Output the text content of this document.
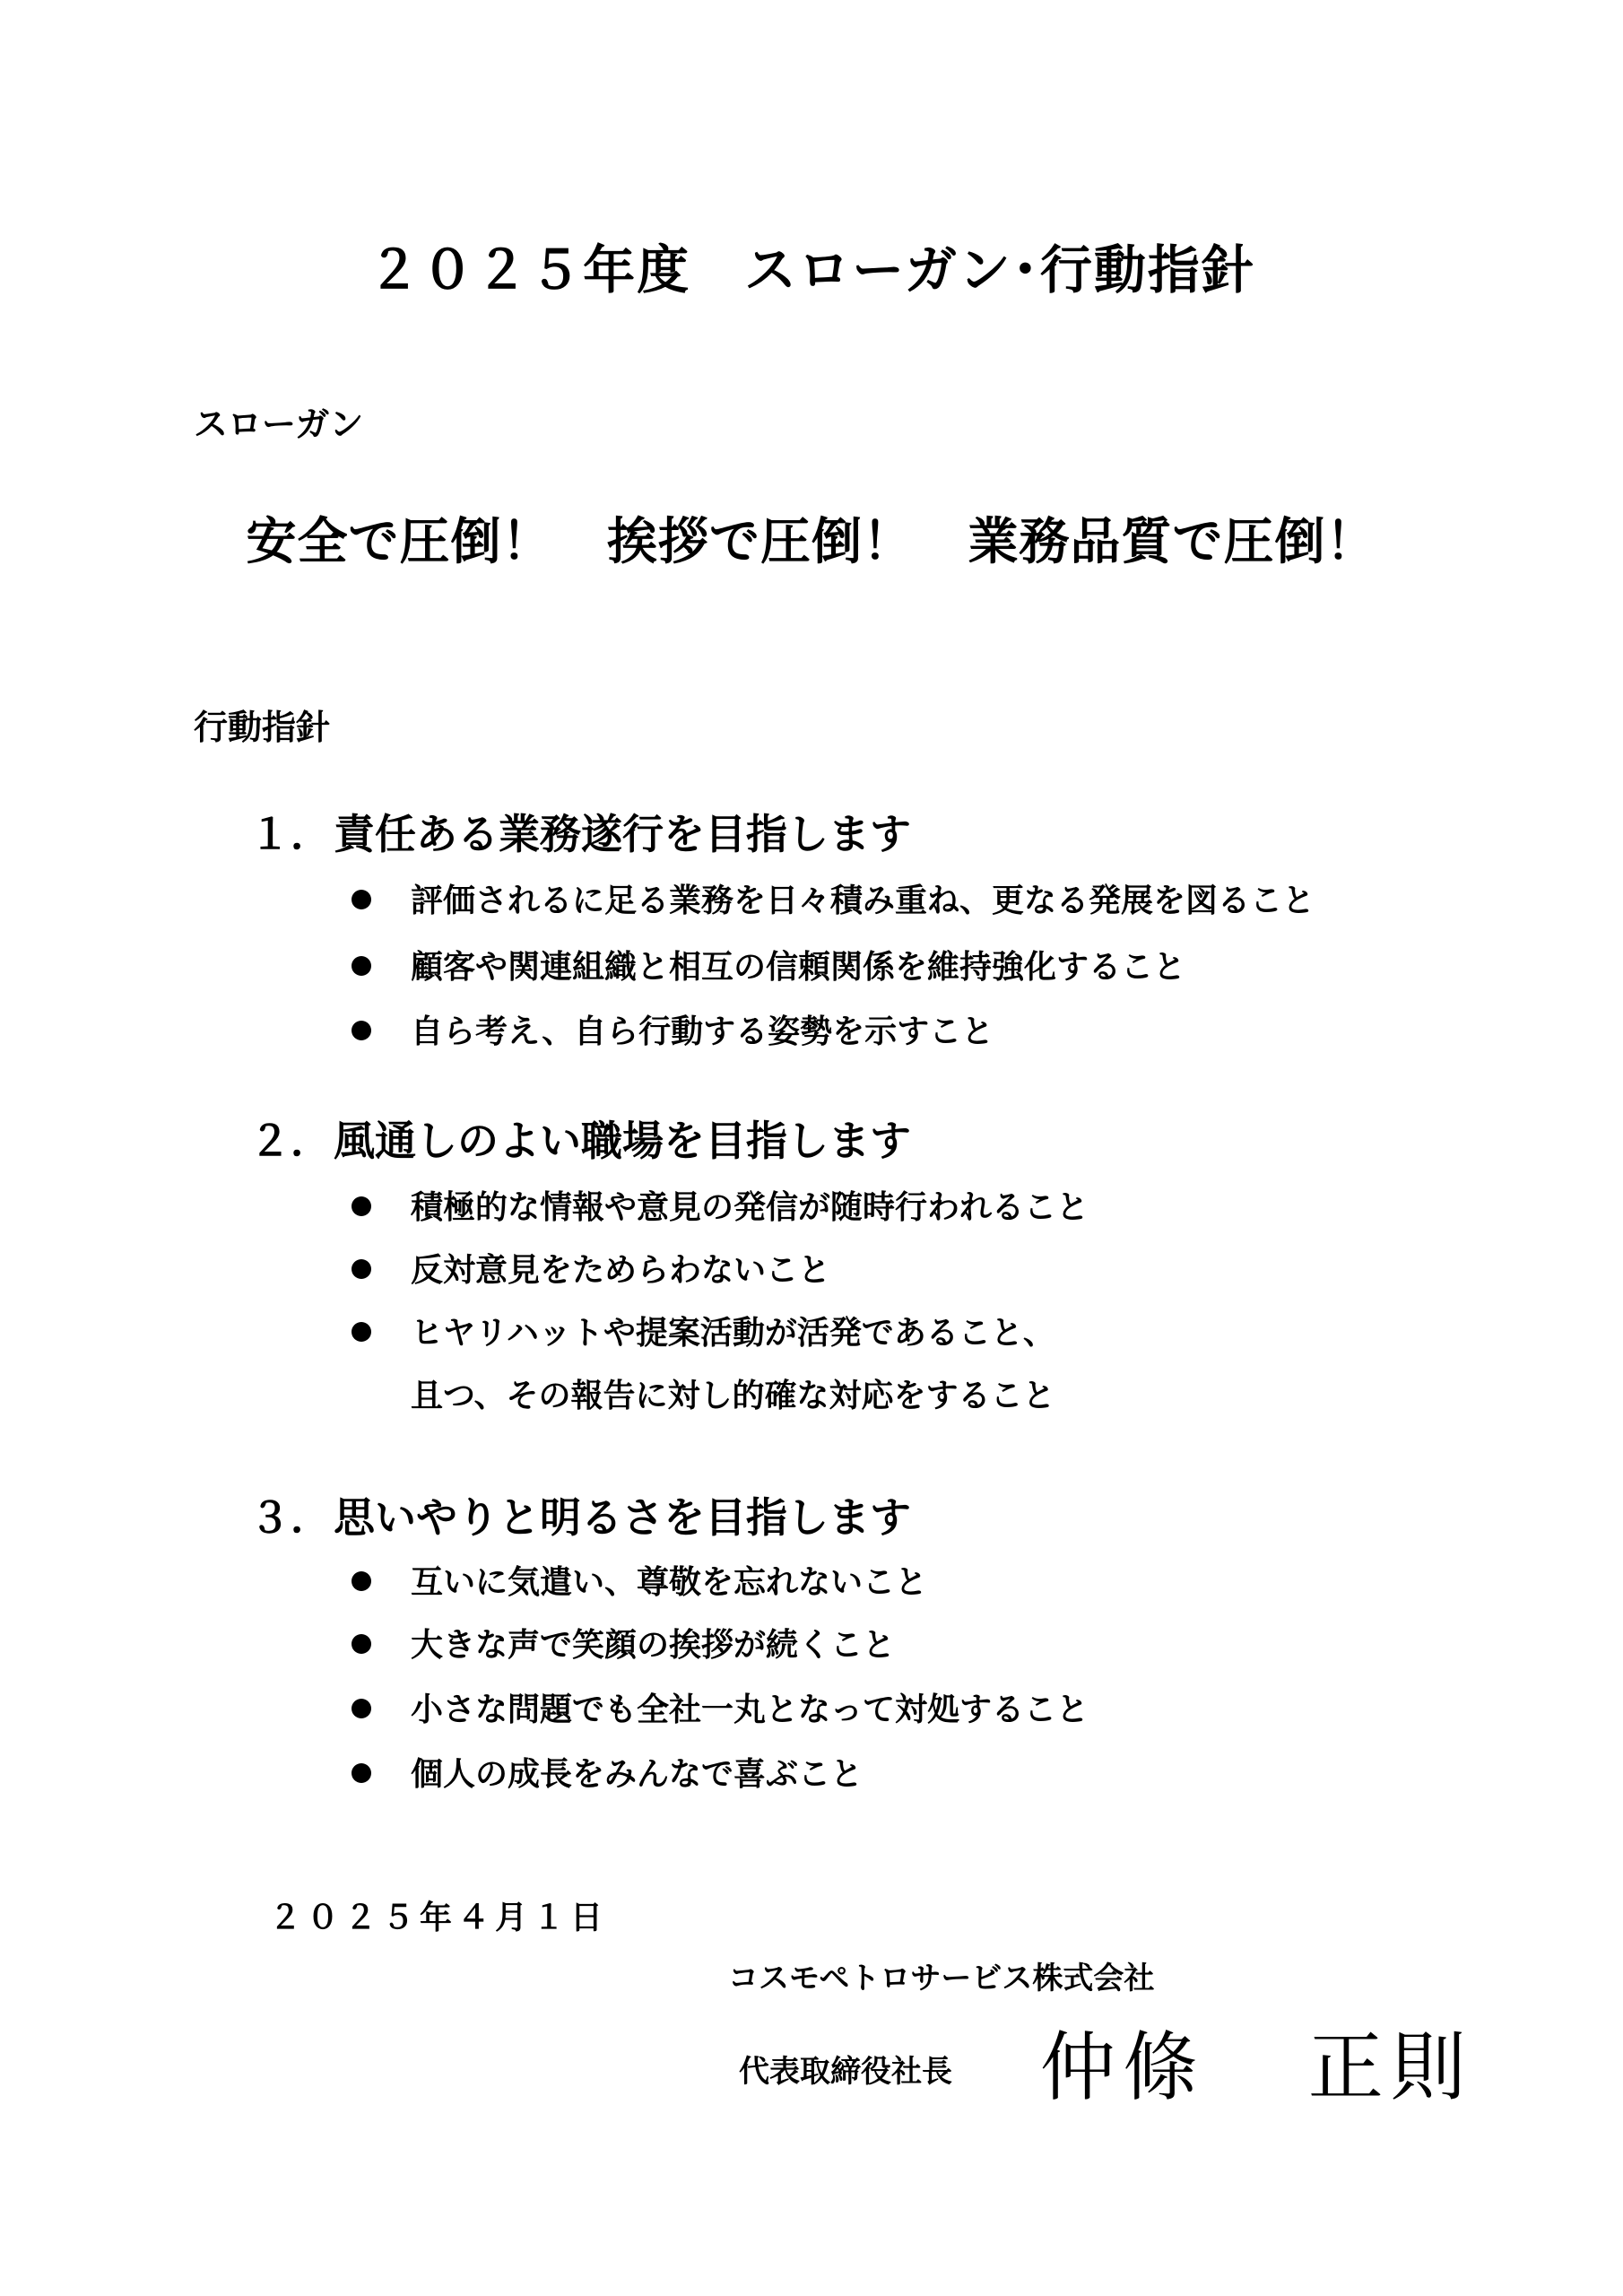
２０２５年度　スローガン･行動指針
スローガン
安全で圧倒！ 挨拶で圧倒！ 業務品質で圧倒！
行動指針
１．責任ある業務遂行を目指します
評価されるに足る業務を日々積み重ね、更なる発展を図ること
顧客や関連組織と相互の信頼関係を維持強化すること
自ら考え、自ら行動する姿勢を示すこと
２．風通しのよい職場を目指します
積極的な情報や意見の発信が随時行われること
反対意見をためらわないこと
ヒヤリハットや提案活動が活発であること、
且つ、その報告に対し的確な対応をすること
３．思いやりと明るさを目指します
互いに気遣い、尊敬を忘れないこと
大きな声で笑顔の挨拶が続くこと
小さな問題でも全社一丸となって対処すること
個人の成長をみんなで喜ぶこと
２０２５年４月１日
コスモペトロサービス株式会社
代表取締役社長 仲條 正則
